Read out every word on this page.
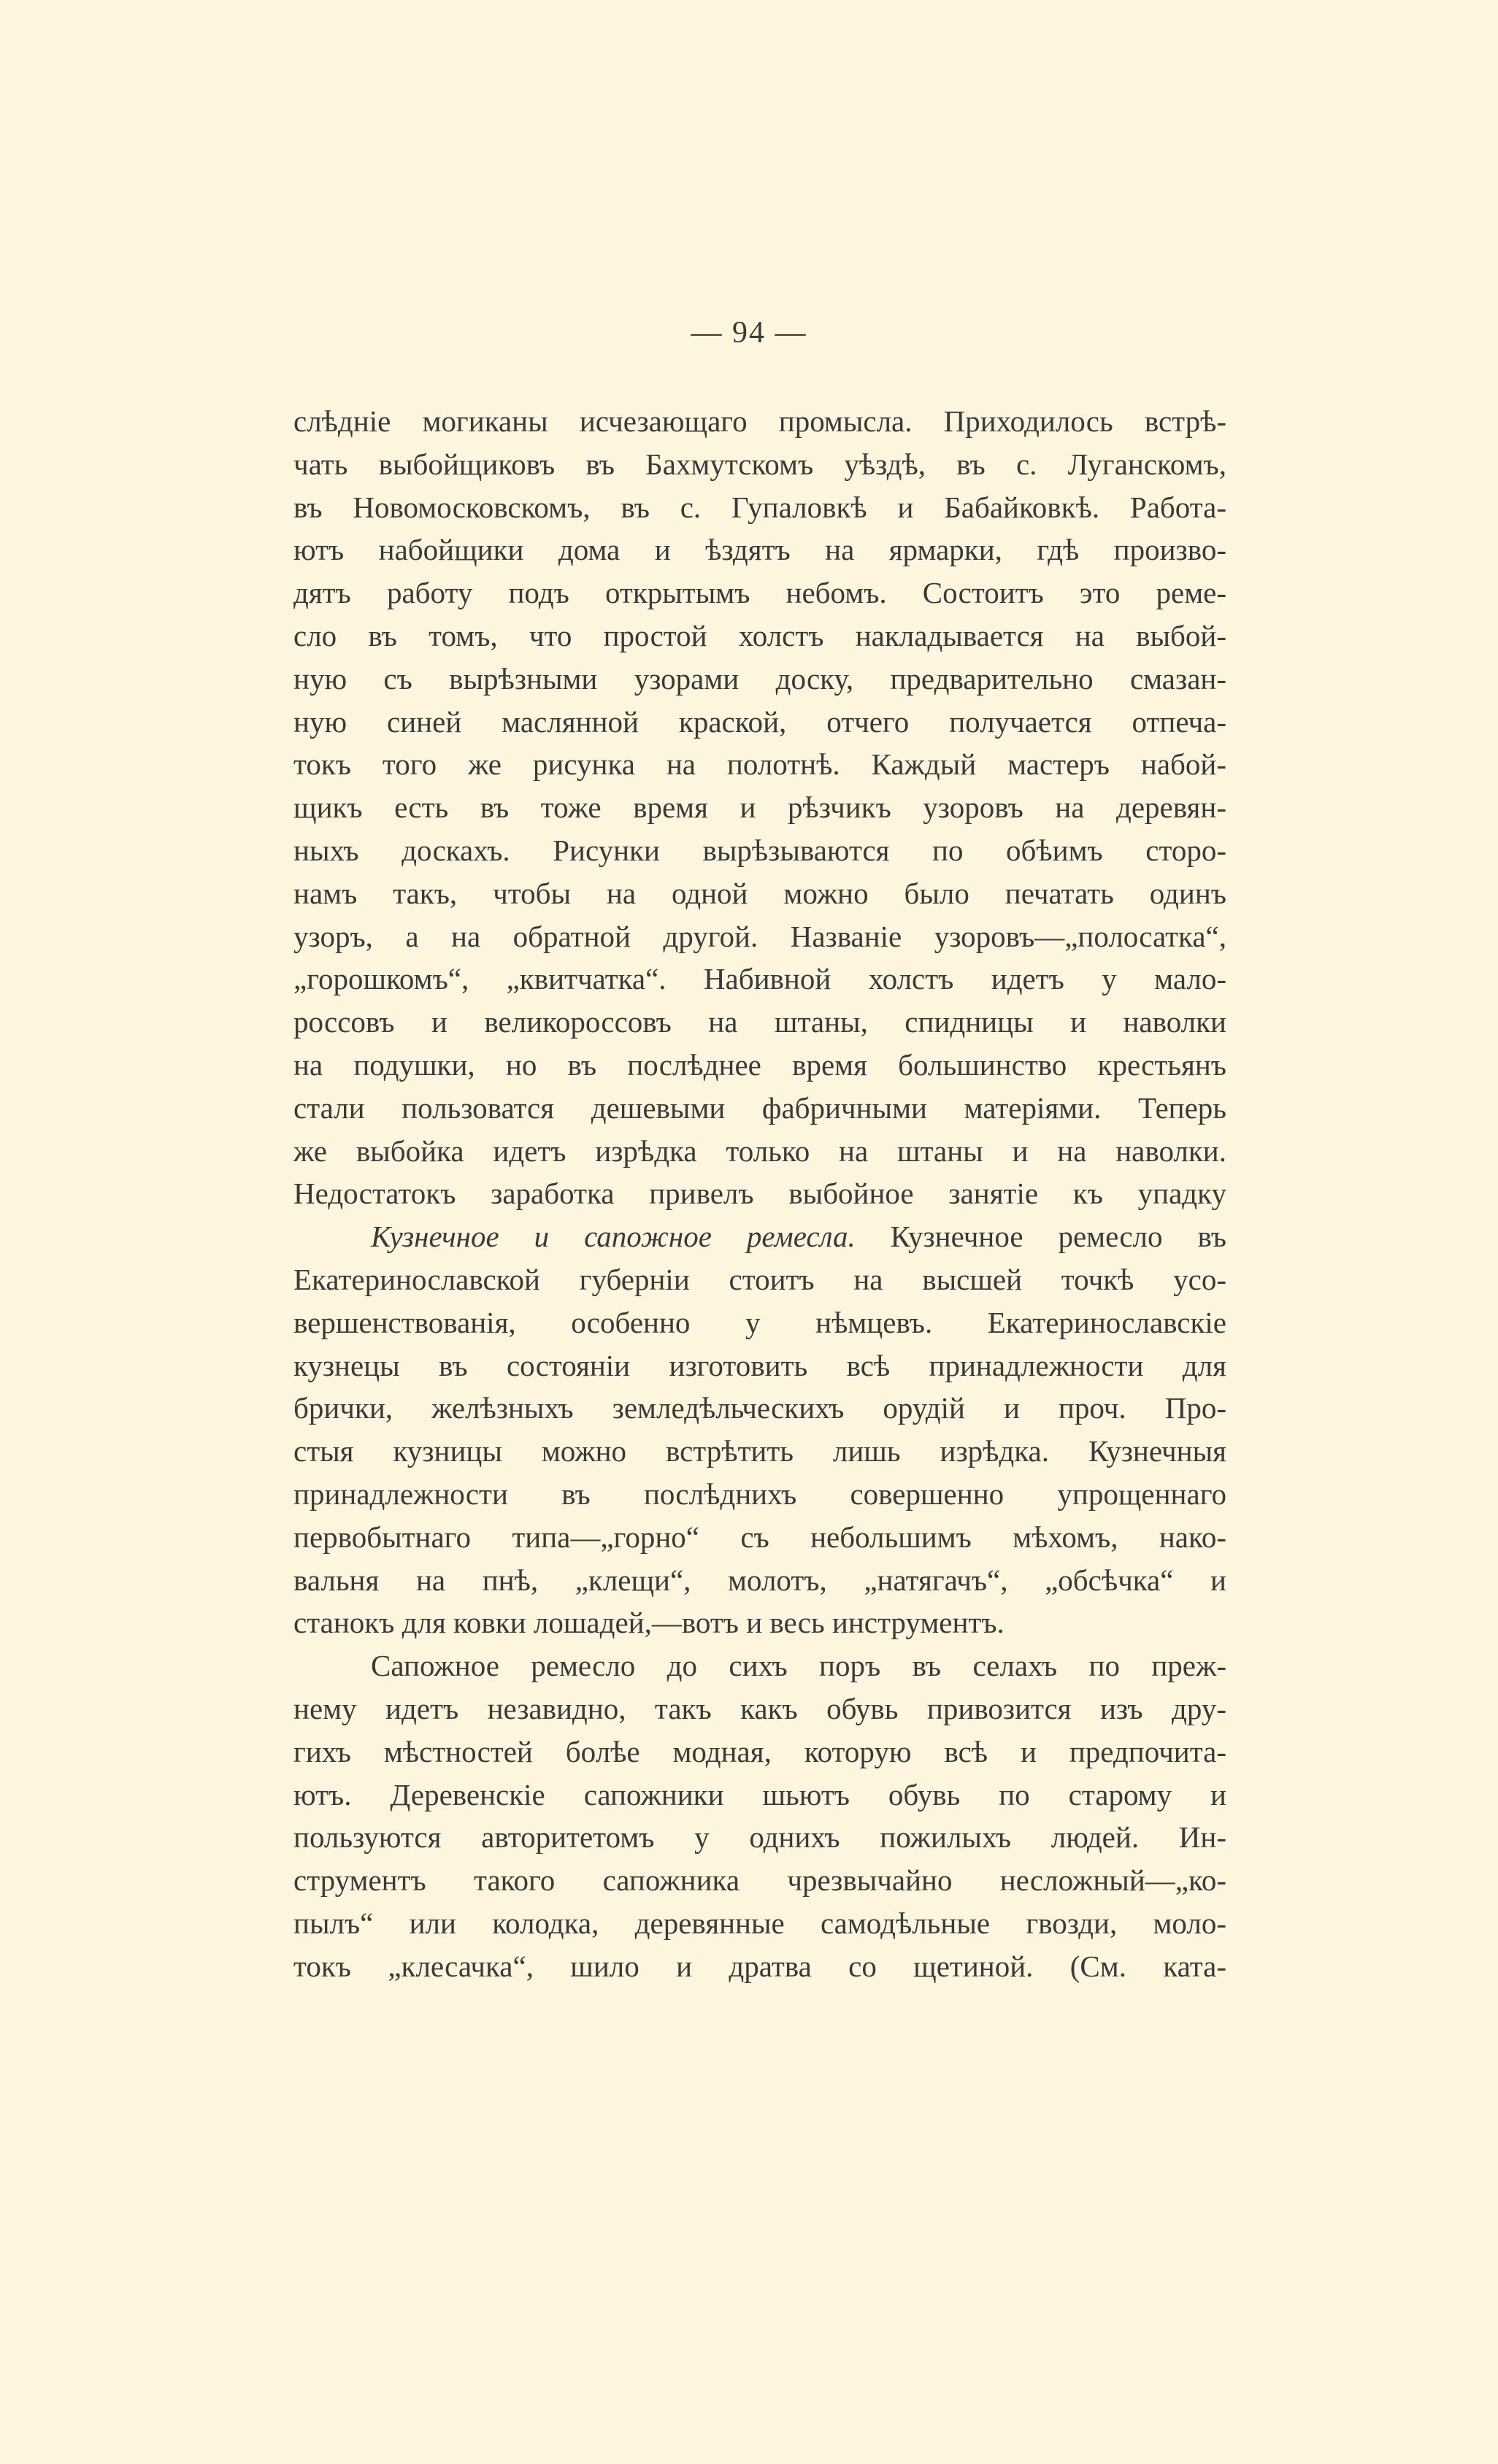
— 94 —
слѣдніе могиканы исчезающаго промысла. Приходилось встрѣ-
чать выбойщиковъ въ Бахмутскомъ уѣздѣ, въ с. Луганскомъ,
въ Новомосковскомъ, въ с. Гупаловкѣ и Бабайковкѣ. Работа-
ютъ набойщики дома и ѣздятъ на ярмарки, гдѣ произво-
дятъ работу подъ открытымъ небомъ. Состоитъ это реме-
сло въ томъ, что простой холстъ накладывается на выбой-
ную съ вырѣзными узорами доску, предварительно смазан-
ную синей маслянной краской, отчего получается отпеча-
токъ того же рисунка на полотнѣ. Каждый мастеръ набой-
щикъ есть въ тоже время и рѣзчикъ узоровъ на деревян-
ныхъ доскахъ. Рисунки вырѣзываются по обѣимъ сторо-
намъ такъ, чтобы на одной можно было печатать одинъ
узоръ, а на обратной другой. Названіе узоровъ—„полосатка“,
„горошкомъ“, „квитчатка“. Набивной холстъ идетъ у мало-
россовъ и великороссовъ на штаны, спидницы и наволки
на подушки, но въ послѣднее время большинство крестьянъ
стали пользоватся дешевыми фабричными матеріями. Теперь
же выбойка идетъ изрѣдка только на штаны и на наволки.
Недостатокъ заработка привелъ выбойное занятіе къ упадку
Кузнечное и сапожное ремесла. Кузнечное ремесло въ
Екатеринославской губерніи стоитъ на высшей точкѣ усо-
вершенствованія, особенно у нѣмцевъ. Екатеринославскіе
кузнецы въ состояніи изготовить всѣ принадлежности для
брички, желѣзныхъ земледѣльческихъ орудій и проч. Про-
стыя кузницы можно встрѣтить лишь изрѣдка. Кузнечныя
принадлежности въ послѣднихъ совершенно упрощеннаго
первобытнаго типа—„горно“ съ небольшимъ мѣхомъ, нако-
вальня на пнѣ, „клещи“, молотъ, „натягачъ“, „обсѣчка“ и
станокъ для ковки лошадей,—вотъ и весь инструментъ.
Сапожное ремесло до сихъ поръ въ селахъ по преж-
нему идетъ незавидно, такъ какъ обувь привозится изъ дру-
гихъ мѣстностей болѣе модная, которую всѣ и предпочита-
ютъ. Деревенскіе сапожники шьютъ обувь по старому и
пользуются авторитетомъ у однихъ пожилыхъ людей. Ин-
струментъ такого сапожника чрезвычайно несложный—„ко-
пылъ“ или колодка, деревянные самодѣльные гвозди, моло-
токъ „клесачка“, шило и дратва со щетиной. (См. ката-
